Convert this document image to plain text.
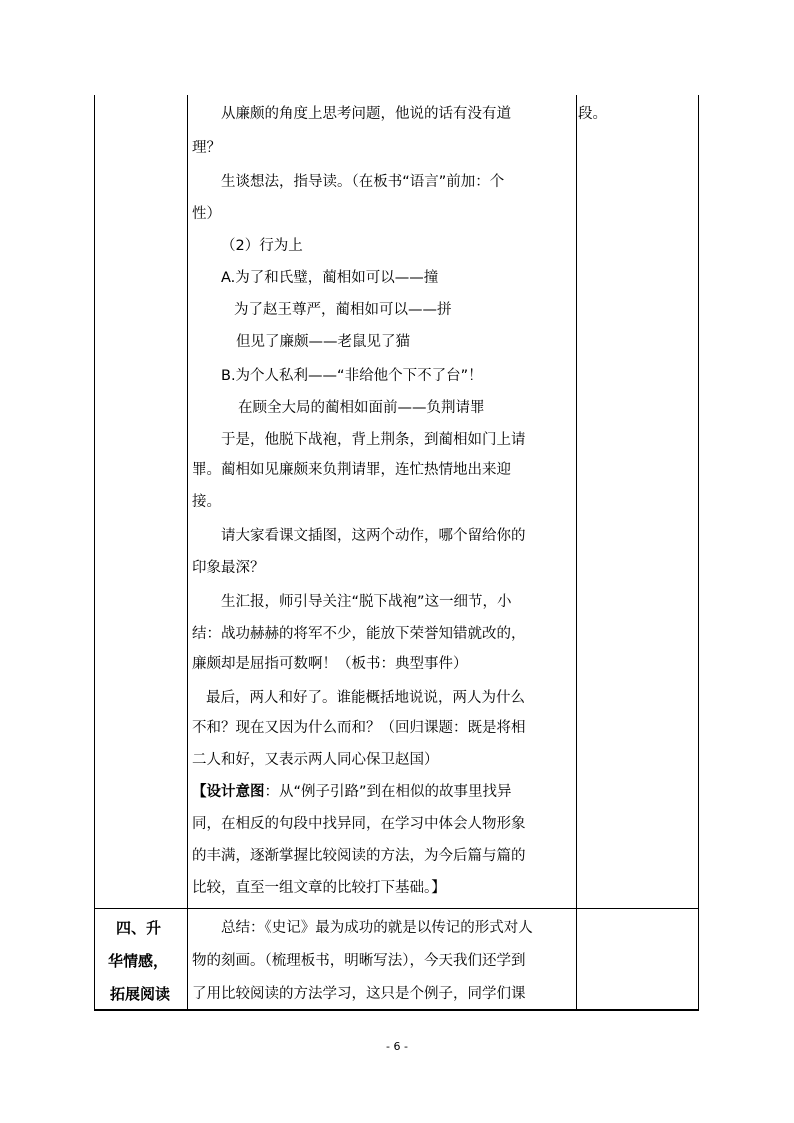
段。
从廉颇的角度上思考问题，他说的话有没有道
理？
生谈想法，指导读。（在板书“语言”前加：个
性）
（2）行为上
A.为了和氏璧，蔺相如可以——撞
为了赵王尊严，蔺相如可以——拼
但见了廉颇——老鼠见了猫
B.为个人私利——“非给他个下不了台”！
在顾全大局的蔺相如面前——负荆请罪
于是，他脱下战袍，背上荆条，到蔺相如门上请
罪。蔺相如见廉颇来负荆请罪，连忙热情地出来迎
接。
请大家看课文插图，这两个动作，哪个留给你的
印象最深？
生汇报，师引导关注“脱下战袍”这一细节，小
结：战功赫赫的将军不少，能放下荣誉知错就改的，
廉颇却是屈指可数啊！（板书：典型事件）
最后，两人和好了。谁能概括地说说，两人为什么
不和？现在又因为什么而和？（回归课题：既是将相
二人和好，又表示两人同心保卫赵国）
【设计意图：从“例子引路”到在相似的故事里找异
同，在相反的句段中找异同，在学习中体会人物形象
的丰满，逐渐掌握比较阅读的方法，为今后篇与篇的
比较，直至一组文章的比较打下基础。】
四、升
华情感，
拓展阅读
总结：《史记》最为成功的就是以传记的形式对人
物的刻画。（梳理板书，明晰写法），今天我们还学到
了用比较阅读的方法学习，这只是个例子，同学们课
- 6 -
